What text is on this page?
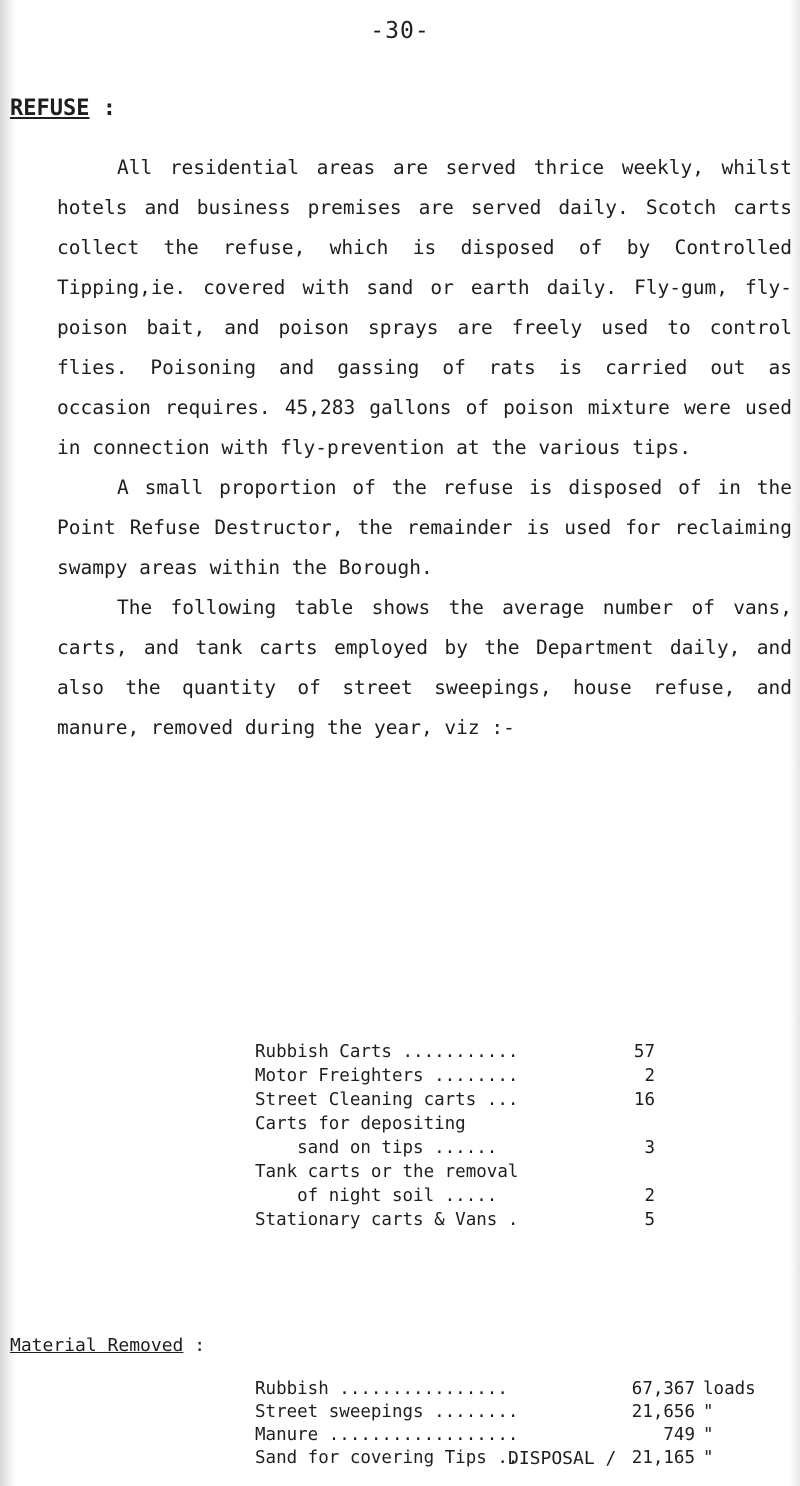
-30-
REFUSE :

All residential areas are served thrice weekly, whilst hotels and business premises are served daily. Scotch carts collect the refuse, which is disposed of by Controlled Tipping,ie. covered with sand or earth daily. Fly-gum, fly-poison bait, and poison sprays are freely used to control flies. Poisoning and gassing of rats is carried out as occasion requires. 45,283 gallons of poison mixture were used in connection with fly-prevention at the various tips.

A small proportion of the refuse is disposed of in the Point Refuse Destructor, the remainder is used for reclaiming swampy areas within the Borough.

The following table shows the average number of vans, carts, and tank carts employed by the Department daily, and also the quantity of street sweepings, house refuse, and manure, removed during the year, viz :-

Rubbish Carts ...........	57
Motor Freighters ........	2
Street Cleaning carts ...	16
Carts for depositing
sand on tips ......	3
Tank carts or the removal
of night soil .....	2
Stationary carts & Vans .	5
Material Removed :
Rubbish ................	67,367 loads
Street sweepings ........	21,656 "
Manure ..................	749 "
Sand for covering Tips ..	21,165 "
DISPOSAL /
